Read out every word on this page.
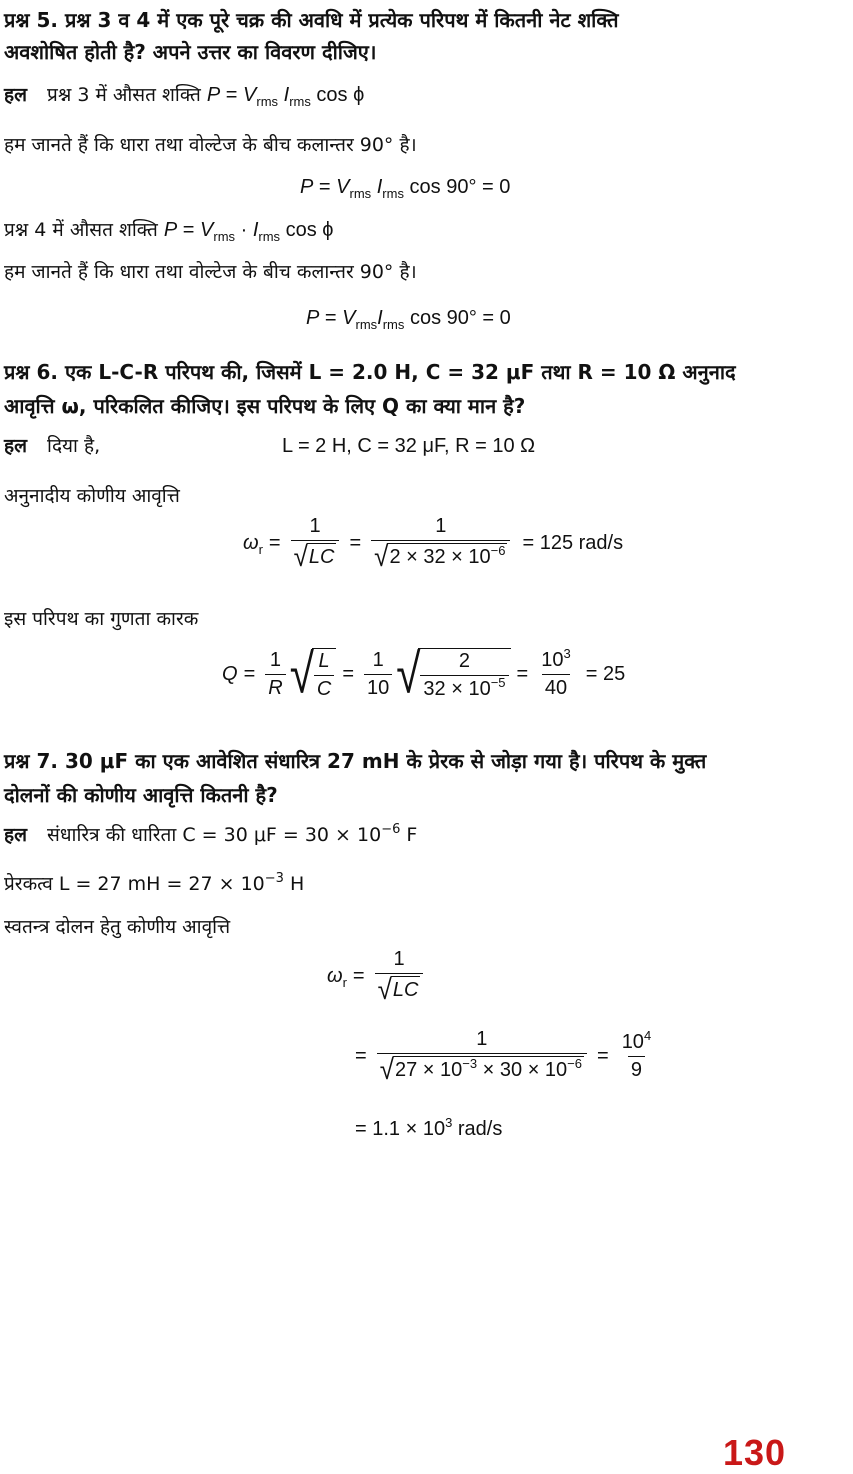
प्रश्न 5. प्रश्न 3 व 4 में एक पूरे चक्र की अवधि में प्रत्येक परिपथ में कितनी नेट शक्ति
अवशोषित होती है? अपने उत्तर का विवरण दीजिए।
हल प्रश्न 3 में औसत शक्ति $P = V_{rms}$ $I_{rms}$ cos ϕ
हम जानते हैं कि धारा तथा वोल्टेज के बीच कलान्तर 90° है।
$P = V_{rms}$ $I_{rms}$ cos 90° = 0
प्रश्न 4 में औसत शक्ति $P = V_{rms} \cdot I_{rms}$ cos ϕ
हम जानते हैं कि धारा तथा वोल्टेज के बीच कलान्तर 90° है।
$P = V_{rms}I_{rms}$ cos 90° = 0
प्रश्न 6. एक L-C-R परिपथ की, जिसमें L = 2.0 H, C = 32 μF तथा R = 10 Ω अनुनाद
आवृत्ति ω, परिकलित कीजिए। इस परिपथ के लिए Q का क्या मान है?
हल दिया है,	L = 2 H, C = 32 μF, R = 10 Ω
अनुनादीय कोणीय आवृत्ति
$\omega_r = \frac{1}{√ LC} = \frac{1}{√ 2 \times 32 \times 10^{-6}} = 125$ rad/s
इस परिपथ का गुणता कारक
$Q = \frac{1}{R}$ √ $\frac{L}{C} = \frac{1}{10}$ √ $\frac{2}{32 \times 10^{-5}} = \frac{10^3}{40} = 25$
प्रश्न 7. 30 μF का एक आवेशित संधारित्र 27 mH के प्रेरक से जोड़ा गया है। परिपथ के मुक्त
दोलनों की कोणीय आवृत्ति कितनी है?
हल संधारित्र की धारिता C = 30 $\mu F = 30 \times 10^{-6}$ F
प्रेरकत्व L = 27 mH = $27 \times 10^{-3}$ H
स्वतन्त्र दोलन हेतु कोणीय आवृत्ति
$\omega_r = \frac{1}{√ LC}$
= $\frac{1}{√ 27 \times 10^{-3} \times 30 \times 10^{-6}} = \frac{10^4}{9}$
= $1.1 \times 10^3$ rad/s
130
